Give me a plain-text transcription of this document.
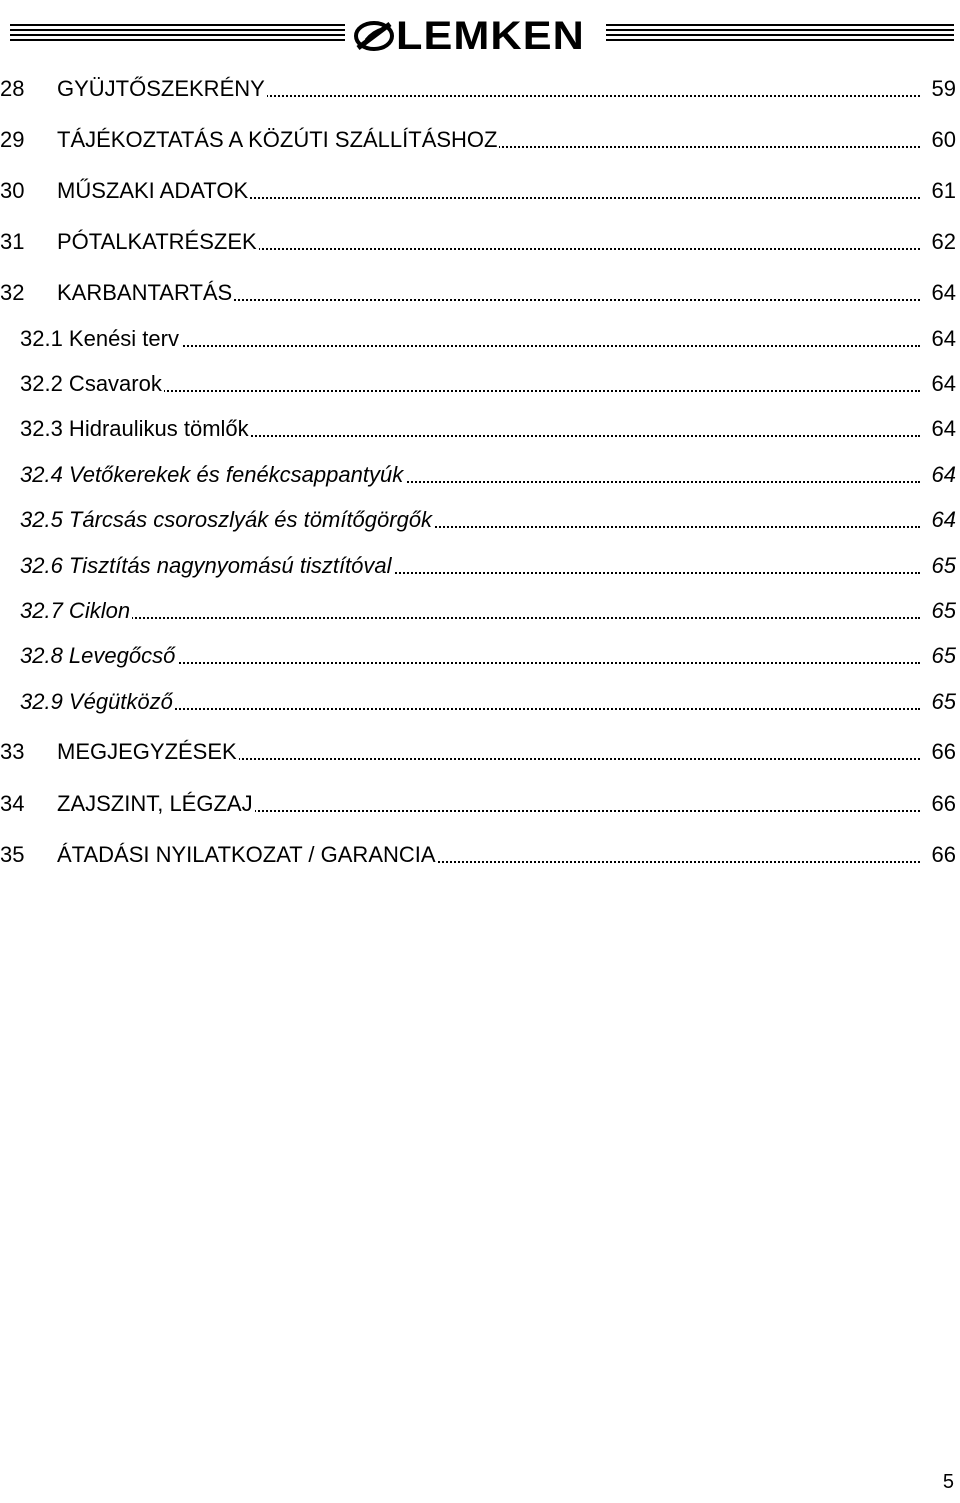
LEMKEN
28 GYÜJTŐSZEKRÉNY	59
29 TÁJÉKOZTATÁS A KÖZÚTI SZÁLLÍTÁSHOZ	60
30 MŰSZAKI ADATOK	61
31 PÓTALKATRÉSZEK	62
32 KARBANTARTÁS	64
32.1 Kenési terv	64
32.2 Csavarok	64
32.3 Hidraulikus tömlők	64
32.4 Vetőkerekek és fenékcsappantyúk	64
32.5 Tárcsás csoroszlyák és tömítőgörgők	64
32.6 Tisztítás nagynyomású tisztítóval	65
32.7 Ciklon	65
32.8 Levegőcső	65
32.9 Végütköző	65
33 MEGJEGYZÉSEK	66
34 ZAJSZINT, LÉGZAJ	66
35 ÁTADÁSI NYILATKOZAT / GARANCIA	66
5
